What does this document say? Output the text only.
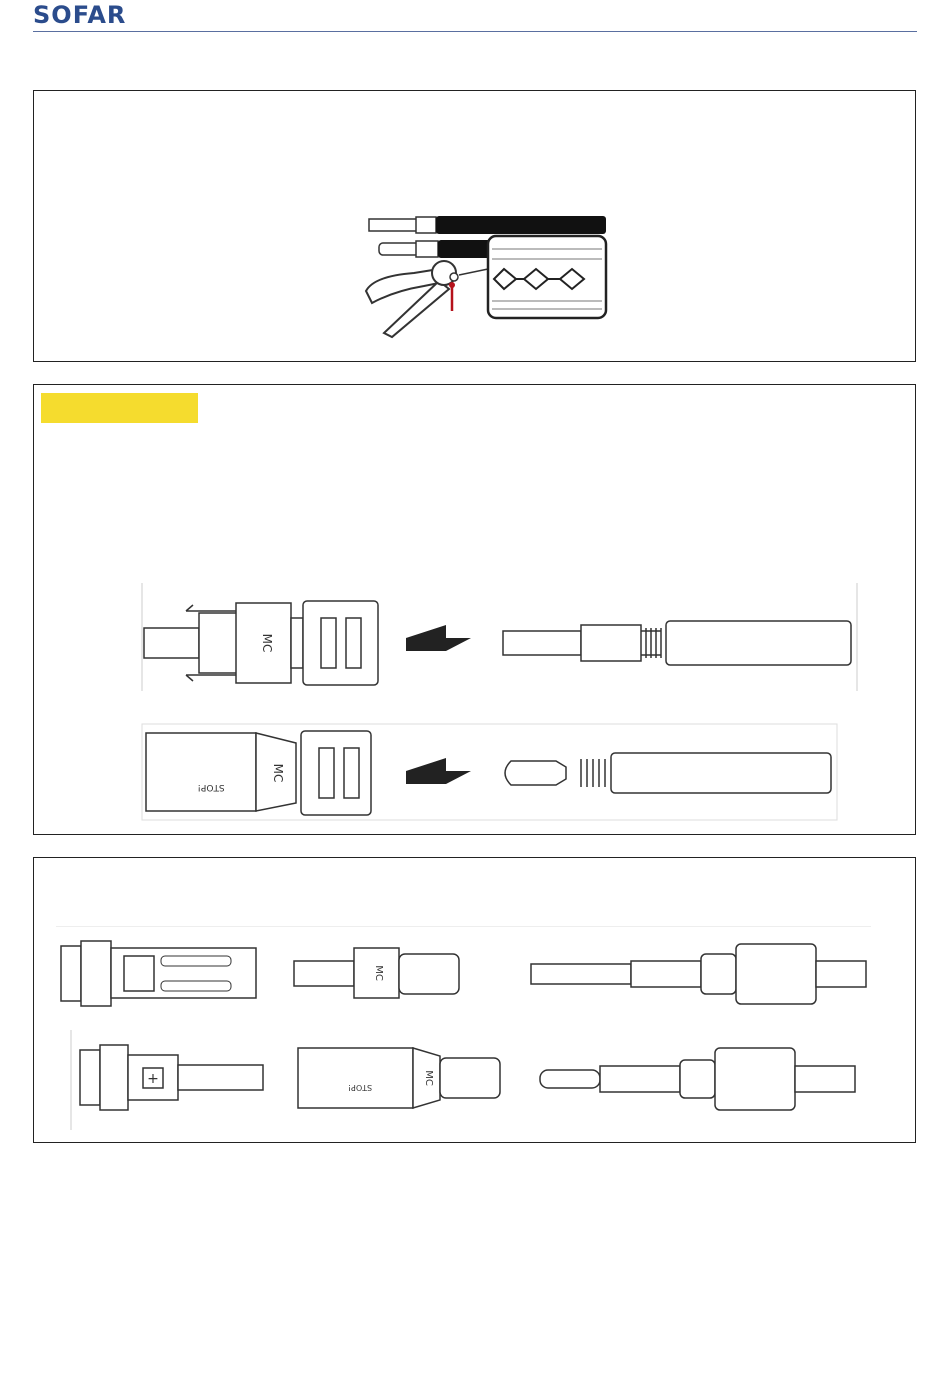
SOFAR
MC
MC
STOP!
MC
+
STOP!
MC
